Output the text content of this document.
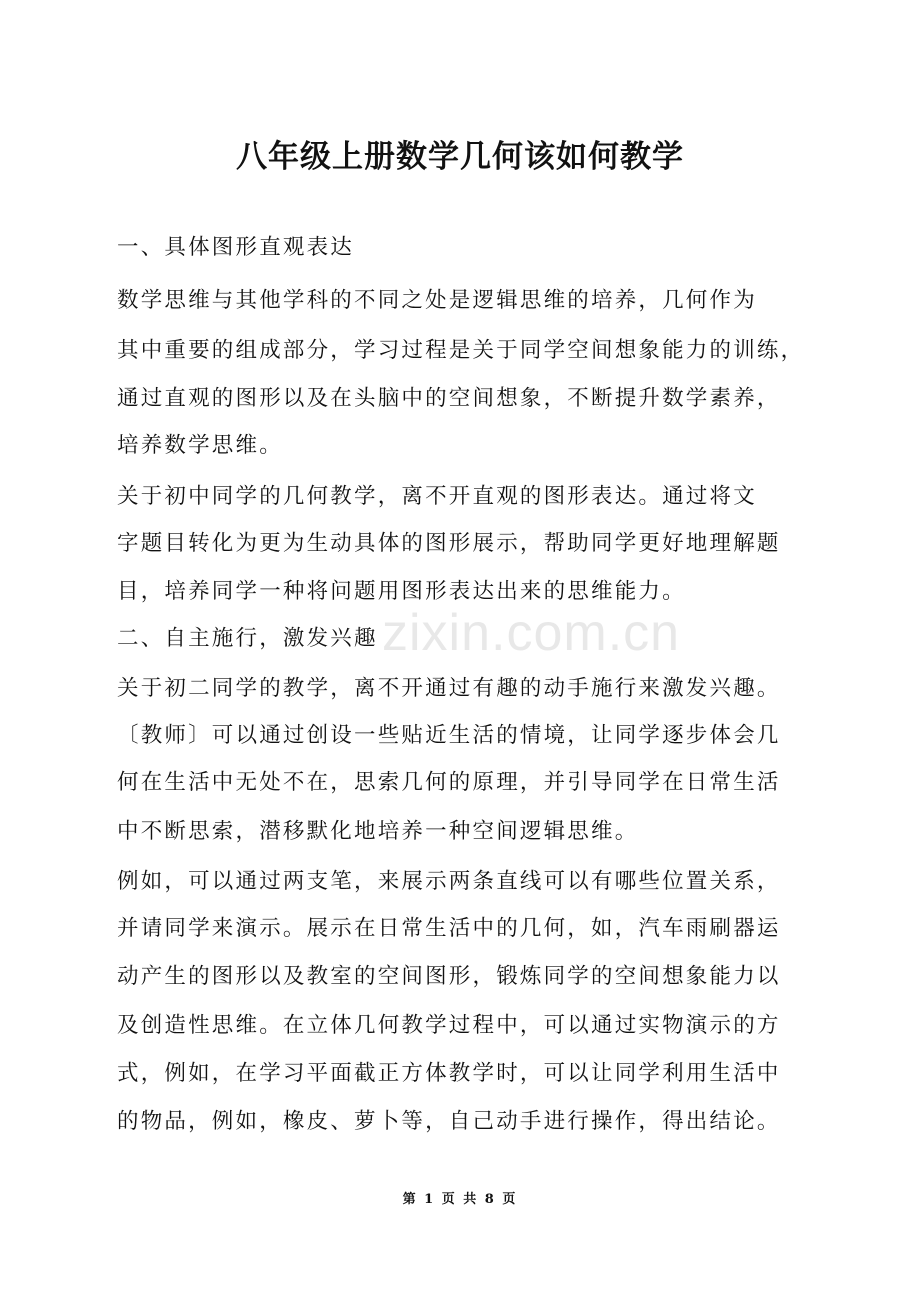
八年级上册数学几何该如何教学
一、具体图形直观表达
数学思维与其他学科的不同之处是逻辑思维的培养，几何作为
其中重要的组成部分，学习过程是关于同学空间想象能力的训练，
通过直观的图形以及在头脑中的空间想象，不断提升数学素养，
培养数学思维。
关于初中同学的几何教学，离不开直观的图形表达。通过将文
字题目转化为更为生动具体的图形展示，帮助同学更好地理解题
目，培养同学一种将问题用图形表达出来的思维能力。
二、自主施行，激发兴趣
关于初二同学的教学，离不开通过有趣的动手施行来激发兴趣。
〔教师〕可以通过创设一些贴近生活的情境，让同学逐步体会几
何在生活中无处不在，思索几何的原理，并引导同学在日常生活
中不断思索，潜移默化地培养一种空间逻辑思维。
例如，可以通过两支笔，来展示两条直线可以有哪些位置关系，
并请同学来演示。展示在日常生活中的几何，如，汽车雨刷器运
动产生的图形以及教室的空间图形，锻炼同学的空间想象能力以
及创造性思维。在立体几何教学过程中，可以通过实物演示的方
式，例如，在学习平面截正方体教学时，可以让同学利用生活中
的物品，例如，橡皮、萝卜等，自己动手进行操作，得出结论。
zixin.com.cn
第 1 页 共 8 页
